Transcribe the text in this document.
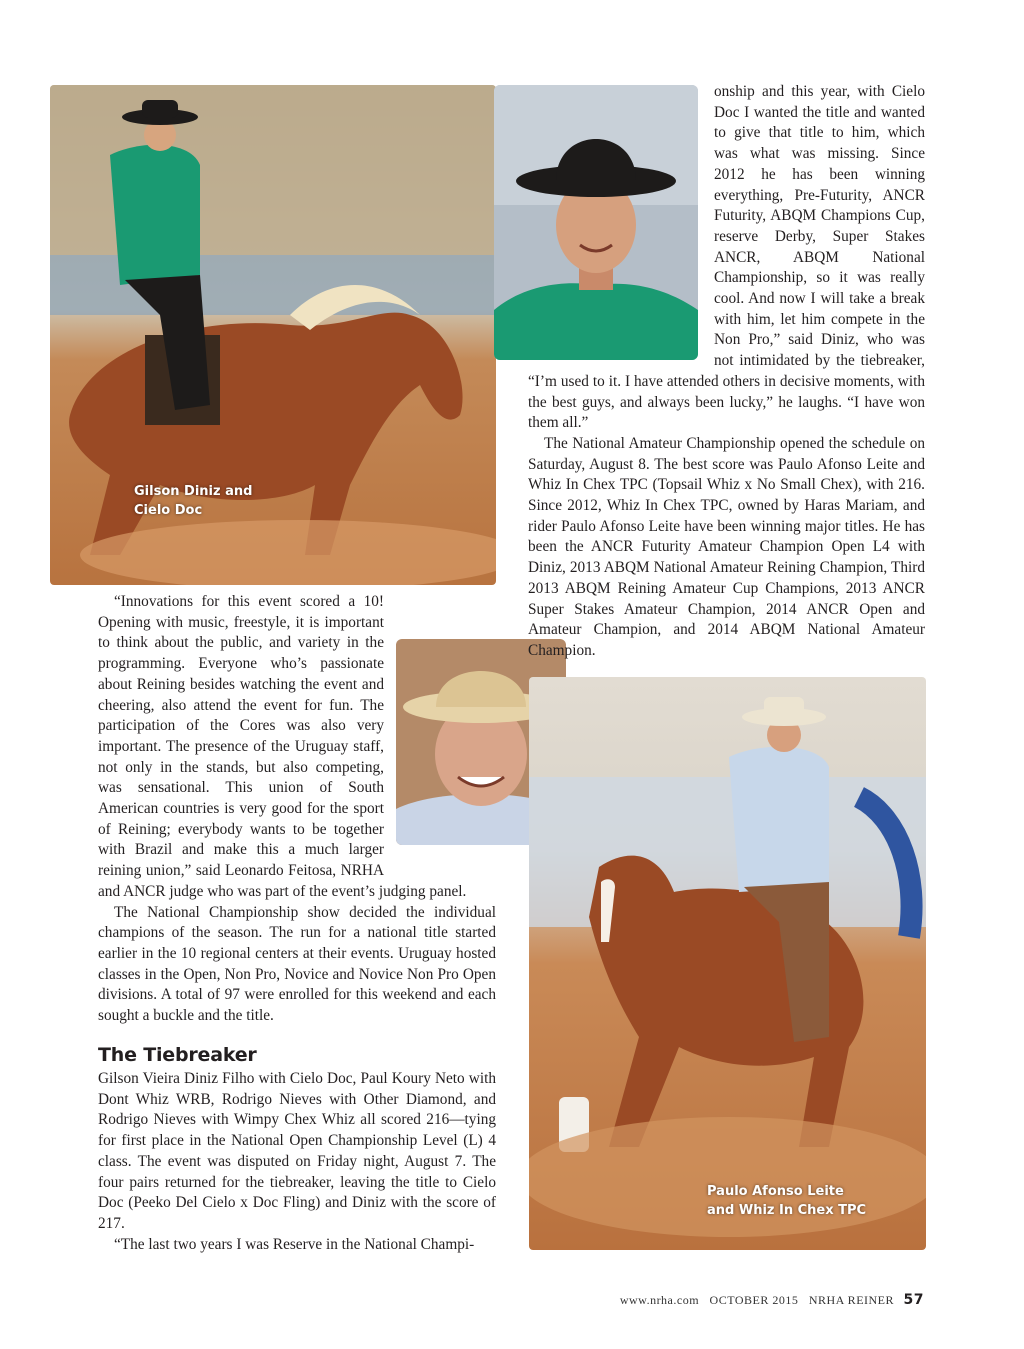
Gilson Diniz and Cielo Doc
Paulo Afonso Leite and Whiz In Chex TPC

onship and this year, with Cielo Doc I wanted the title and wanted to give that title to him, which was what was missing. Since 2012 he has been winning everything, Pre-Futurity, ANCR Futurity, ABQM Champions Cup, reserve Derby, Super Stakes ANCR, ABQM National Championship, so it was really cool. And now I will take a break with him, let him compete in the Non Pro,” said Diniz, who was not intimidated by the tiebreaker, “I’m used to it. I have attended others in decisive moments, with the best guys, and always been lucky,” he laughs. “I have won them all.”

The National Amateur Championship opened the schedule on Saturday, August 8. The best score was Paulo Afonso Leite and Whiz In Chex TPC (Topsail Whiz x No Small Chex), with 216. Since 2012, Whiz In Chex TPC, owned by Haras Mariam, and rider Paulo Afonso Leite have been winning major titles. He has been the ANCR Futurity Amateur Champion Open L4 with Diniz, 2013 ABQM National Amateur Reining Champion, Third 2013 ABQM Reining Amateur Cup Champions, 2013 ANCR Super Stakes Amateur Champion, 2014 ANCR Open and Amateur Champion, and 2014 ABQM National Amateur Champion.

“Innovations for this event scored a 10! Opening with music, freestyle, it is important to think about the public, and variety in the programming. Everyone who’s passionate about Reining besides watching the event and cheering, also attend the event for fun. The participation of the Cores was also very important. The presence of the Uruguay staff, not only in the stands, but also competing, was sensational. This union of South American countries is very good for the sport of Reining; everybody wants to be together with Brazil and make this a much larger reining union,” said Leonardo Feitosa, NRHA and ANCR judge who was part of the event’s judging panel.

The National Championship show decided the individual champions of the season. The run for a national title started earlier in the 10 regional centers at their events. Uruguay hosted classes in the Open, Non Pro, Novice and Novice Non Pro Open divisions. A total of 97 were enrolled for this weekend and each sought a buckle and the title.

The Tiebreaker

Gilson Vieira Diniz Filho with Cielo Doc, Paul Koury Neto with Dont Whiz WRB, Rodrigo Nieves with Other Diamond, and Rodrigo Nieves with Wimpy Chex Whiz all scored 216—tying for first place in the National Open Championship Level (L) 4 class. The event was disputed on Friday night, August 7. The four pairs returned for the tiebreaker, leaving the title to Cielo Doc (Peeko Del Cielo x Doc Fling) and Diniz with the score of 217.

“The last two years I was Reserve in the National Champi-

www.nrha.com OCTOBER 2015 NRHA REINER 57
